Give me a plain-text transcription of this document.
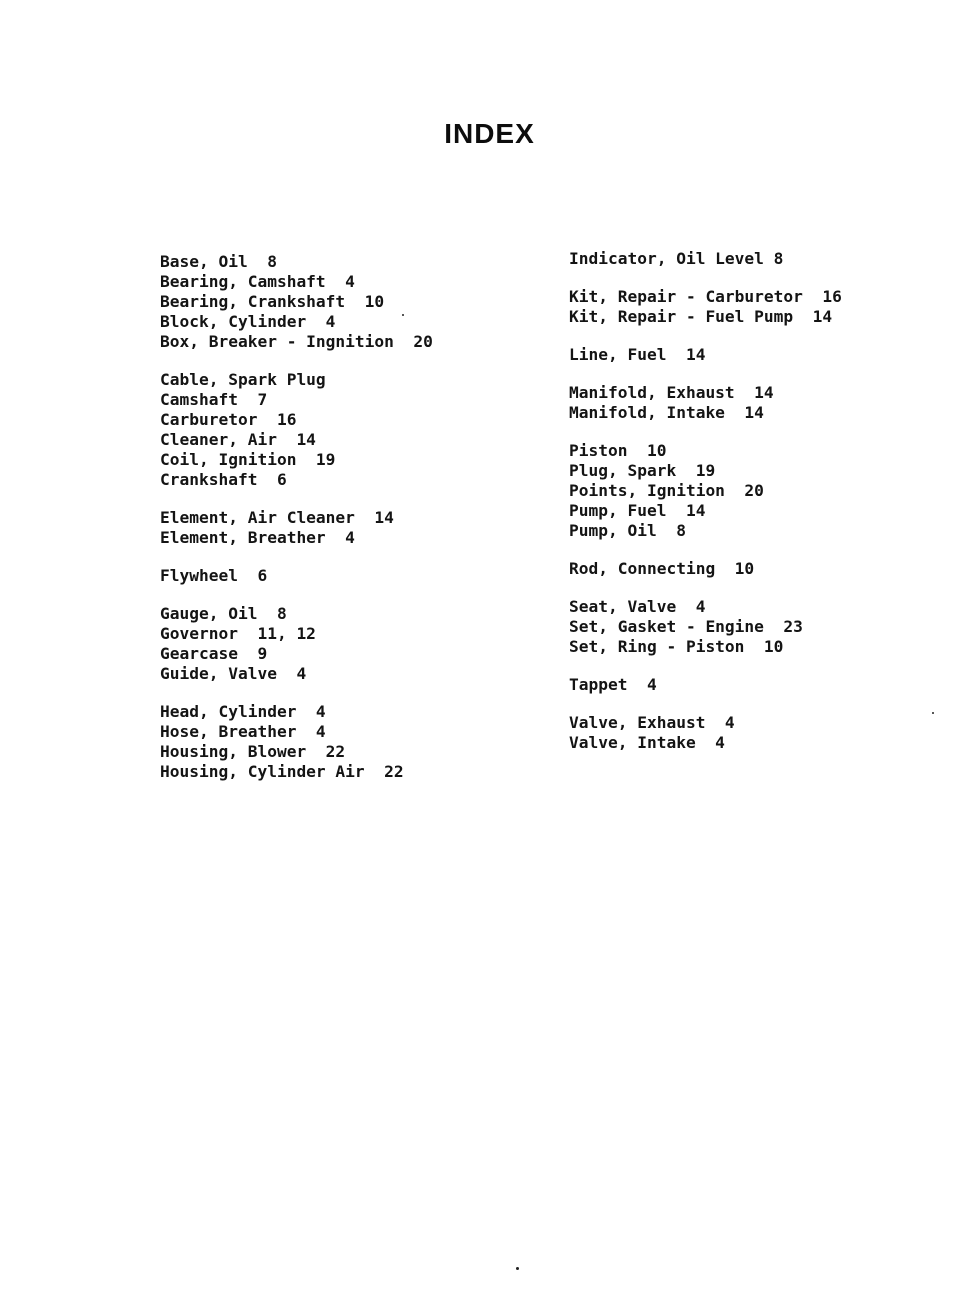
INDEX
Base, Oil  8
Bearing, Camshaft  4
Bearing, Crankshaft  10
Block, Cylinder  4
Box, Breaker - Ingnition  20
Cable, Spark Plug
Camshaft  7
Carburetor  16
Cleaner, Air  14
Coil, Ignition  19
Crankshaft  6
Element, Air Cleaner  14
Element, Breather  4
Flywheel  6
Gauge, Oil  8
Governor  11, 12
Gearcase  9
Guide, Valve  4
Head, Cylinder  4
Hose, Breather  4
Housing, Blower  22
Housing, Cylinder Air  22
Indicator, Oil Level 8
Kit, Repair - Carburetor  16
Kit, Repair - Fuel Pump  14
Line, Fuel  14
Manifold, Exhaust  14
Manifold, Intake  14
Piston  10
Plug, Spark  19
Points, Ignition  20
Pump, Fuel  14
Pump, Oil  8
Rod, Connecting  10
Seat, Valve  4
Set, Gasket - Engine  23
Set, Ring - Piston  10
Tappet  4
Valve, Exhaust  4
Valve, Intake  4
